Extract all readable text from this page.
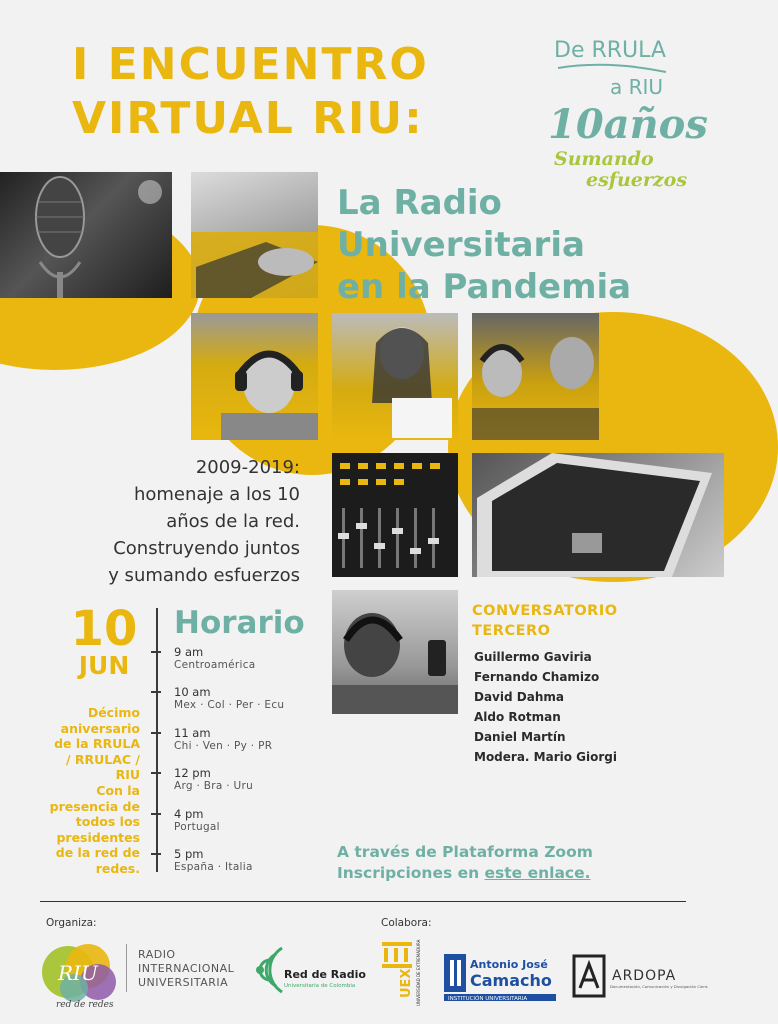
I ENCUENTRO
VIRTUAL RIU:
De RRULA
a RIU
10años
Sumando
esfuerzos
La Radio
Universitaria
en la Pandemia
2009-2019:
homenaje a los 10
años de la red.
Construyendo juntos
y sumando esfuerzos
10
JUN
Décimo
aniversario
de la RRULA
/ RRULAC /
RIU
Con la
presencia de
todos los
presidentes
de la red de
redes.
Horario
9 am
Centroamérica
10 am
Mex · Col · Per · Ecu
11 am
Chi · Ven · Py · PR
12 pm
Arg · Bra · Uru
4 pm
Portugal
5 pm
España · Italia
CONVERSATORIO
TERCERO
Guillermo Gaviria
Fernando Chamizo
David Dahma
Aldo Rotman
Daniel Martín
Modera. Mario Giorgi
A través de Plataforma Zoom
Inscripciones en este enlace.
Organiza:	Colabora:
RIU
red de redes
RADIO
INTERNACIONAL
UNIVERSITARIA
Red de Radio
Universitaria de Colombia	UEX UNIVERSIDAD DE EXTREMADURA	Antonio José
Camacho
INSTITUCIÓN UNIVERSITARIA
ARDOPA
Documentación, Comunicación y Divulgación Cient.
